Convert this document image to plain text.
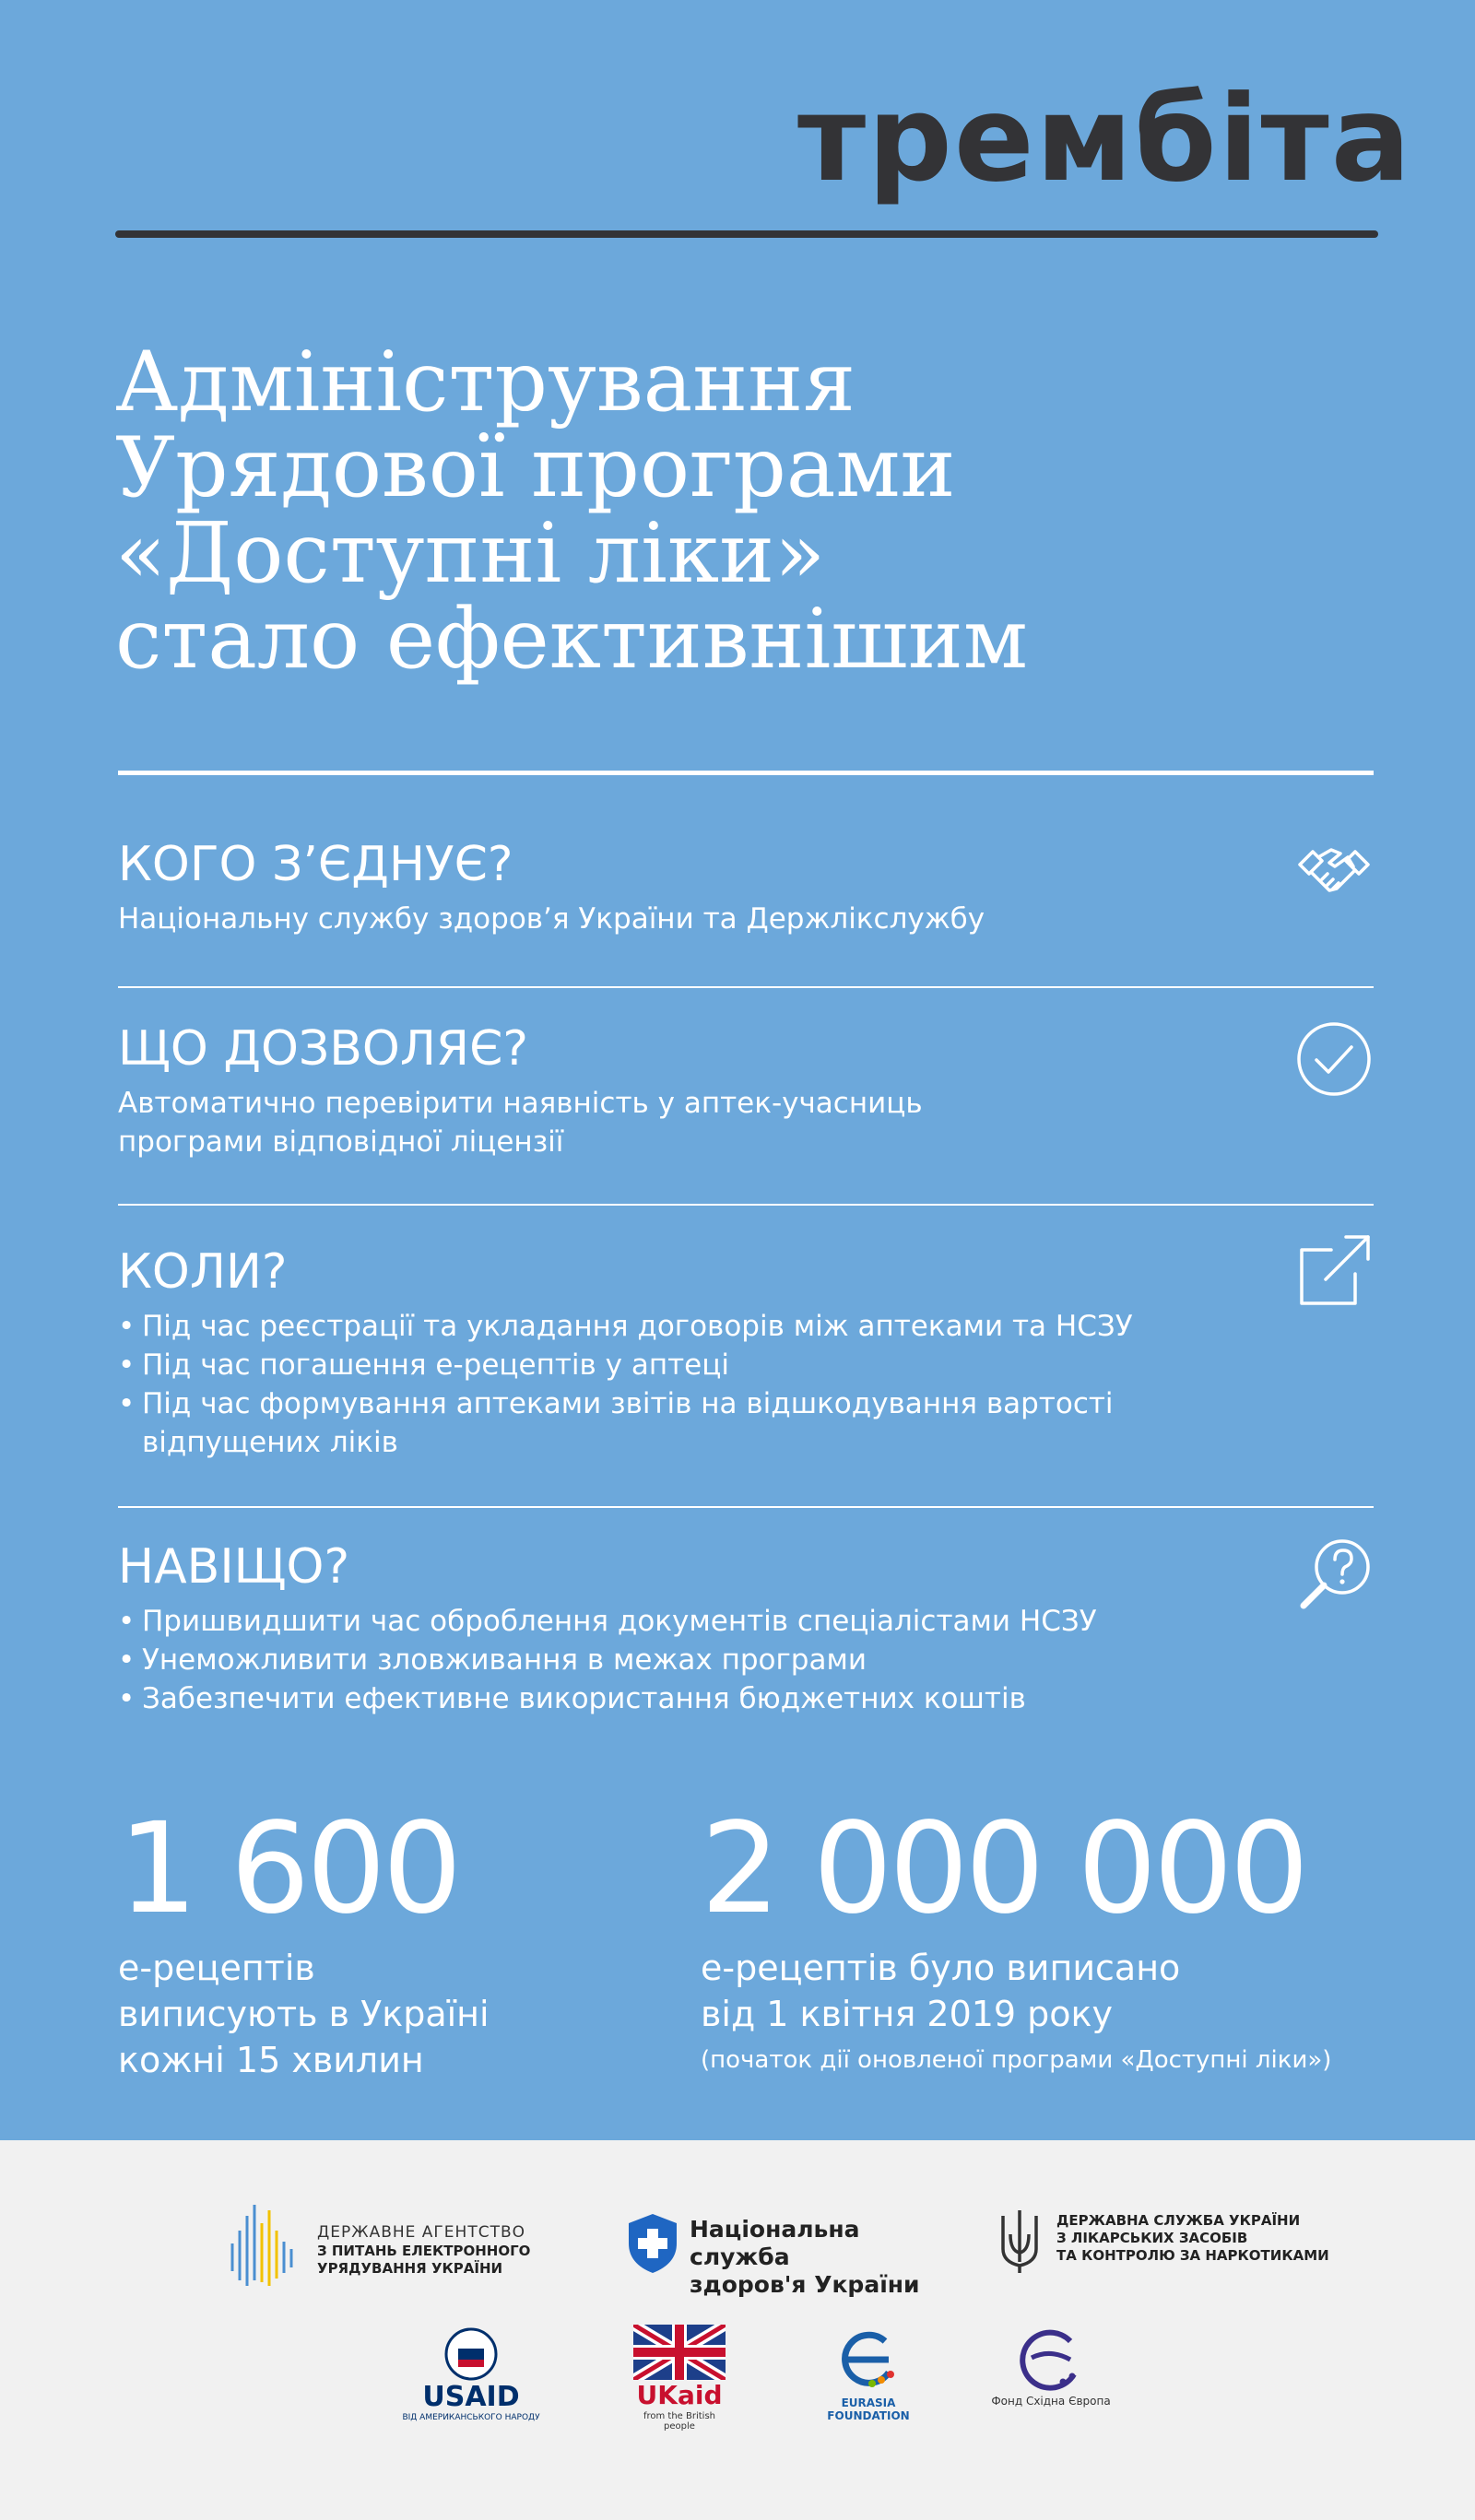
трембіта
Адміністрування
Урядової програми
«Доступні ліки»
стало ефективнішим
КОГО З’ЄДНУЄ?

Національну службу здоров’я України та Держлікслужбу

ЩО ДОЗВОЛЯЄ?

Автоматично перевірити наявність у аптек-учасниць
програми відповідної ліцензії

КОЛИ?
• Під час реєстрації та укладання договорів між аптеками та НСЗУ
• Під час погашення е-рецептів у аптеці
• Під час формування аптеками звітів на відшкодування вартості відпущених ліків
НАВІЩО?
• Пришвидшити час оброблення документів спеціалістами НСЗУ
• Унеможливити зловживання в межах програми
• Забезпечити ефективне використання бюджетних коштів
1 600
е-рецептів
виписують в Україні
кожні 15 хвилин
2 000 000
е-рецептів було виписано
від 1 квітня 2019 року
(початок дії оновленої програми «Доступні ліки»)
ДЕРЖАВНЕ АГЕНТСТВО
З ПИТАНЬ ЕЛЕКТРОННОГО
УРЯДУВАННЯ УКРАЇНИ
Національна служба
здоров'я України
ДЕРЖАВНА СЛУЖБА УКРАЇНИ
З ЛІКАРСЬКИХ ЗАСОБІВ
ТА КОНТРОЛЮ ЗА НАРКОТИКАМИ
USAID
ВІД АМЕРИКАНСЬКОГО НАРОДУ
UKaid
from the British people
EURASIA
FOUNDATION
Фонд Східна Європа
